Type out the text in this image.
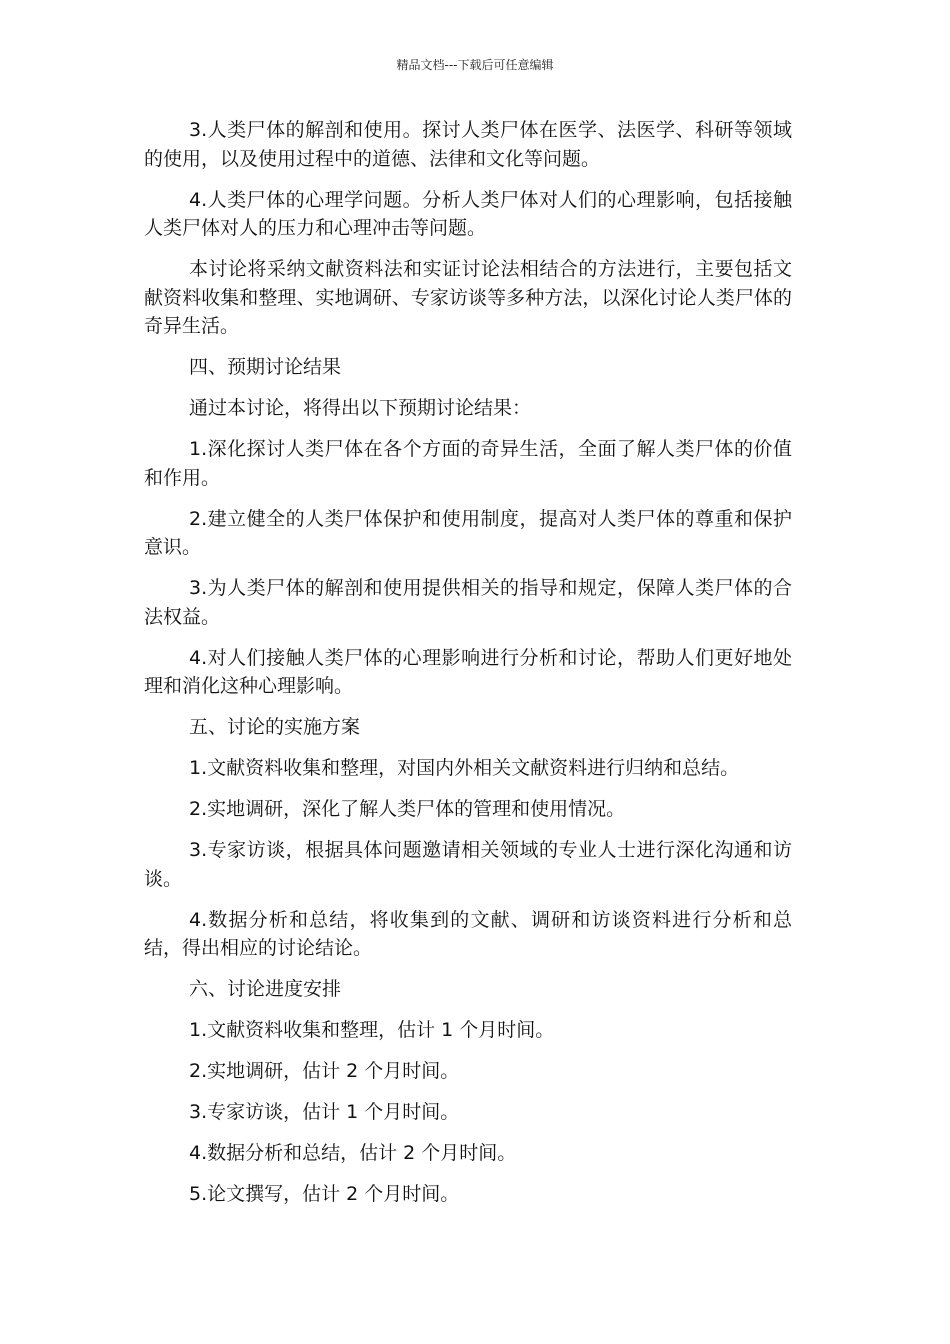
精品文档---下载后可任意编辑

3.人类尸体的解剖和使用。探讨人类尸体在医学、法医学、科研等领域的使用，以及使用过程中的道德、法律和文化等问题。

4.人类尸体的心理学问题。分析人类尸体对人们的心理影响，包括接触人类尸体对人的压力和心理冲击等问题。

本讨论将采纳文献资料法和实证讨论法相结合的方法进行，主要包括文献资料收集和整理、实地调研、专家访谈等多种方法，以深化讨论人类尸体的奇异生活。

四、预期讨论结果

通过本讨论，将得出以下预期讨论结果：

1.深化探讨人类尸体在各个方面的奇异生活，全面了解人类尸体的价值和作用。

2.建立健全的人类尸体保护和使用制度，提高对人类尸体的尊重和保护意识。

3.为人类尸体的解剖和使用提供相关的指导和规定，保障人类尸体的合法权益。

4.对人们接触人类尸体的心理影响进行分析和讨论，帮助人们更好地处理和消化这种心理影响。

五、讨论的实施方案

1.文献资料收集和整理，对国内外相关文献资料进行归纳和总结。

2.实地调研，深化了解人类尸体的管理和使用情况。

3.专家访谈，根据具体问题邀请相关领域的专业人士进行深化沟通和访谈。

4.数据分析和总结，将收集到的文献、调研和访谈资料进行分析和总结，得出相应的讨论结论。

六、讨论进度安排

1.文献资料收集和整理，估计 1 个月时间。

2.实地调研，估计 2 个月时间。

3.专家访谈，估计 1 个月时间。

4.数据分析和总结，估计 2 个月时间。

5.论文撰写，估计 2 个月时间。
